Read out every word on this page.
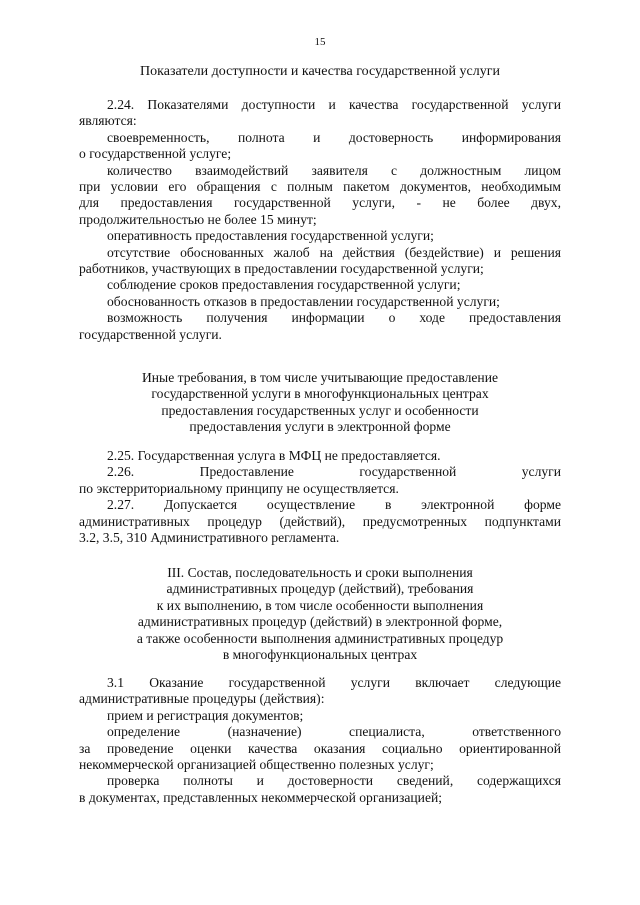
15
Показатели доступности и качества государственной услуги
2.24. Показателями доступности и качества государственной услуги
являются:
своевременность, полнота и достоверность информирования
о государственной услуге;
количество взаимодействий заявителя с должностным лицом
при условии его обращения с полным пакетом документов, необходимым
для предоставления государственной услуги, - не более двух,
продолжительностью не более 15 минут;
оперативность предоставления государственной услуги;
отсутствие обоснованных жалоб на действия (бездействие) и решения
работников, участвующих в предоставлении государственной услуги;
соблюдение сроков предоставления государственной услуги;
обоснованность отказов в предоставлении государственной услуги;
возможность получения информации о ходе предоставления
государственной услуги.
Иные требования, в том числе учитывающие предоставление
государственной услуги в многофункциональных центрах
предоставления государственных услуг и особенности
предоставления услуги в электронной форме
2.25. Государственная услуга в МФЦ не предоставляется.
2.26. Предоставление государственной услуги
по экстерриториальному принципу не осуществляется.
2.27. Допускается осуществление в электронной форме
административных процедур (действий), предусмотренных подпунктами
3.2, 3.5, 310 Административного регламента.
III. Состав, последовательность и сроки выполнения
административных процедур (действий), требования
к их выполнению, в том числе особенности выполнения
административных процедур (действий) в электронной форме,
а также особенности выполнения административных процедур
в многофункциональных центрах
3.1 Оказание государственной услуги включает следующие
административные процедуры (действия):
прием и регистрация документов;
определение (назначение) специалиста, ответственного
за проведение оценки качества оказания социально ориентированной
некоммерческой организацией общественно полезных услуг;
проверка полноты и достоверности сведений, содержащихся
в документах, представленных некоммерческой организацией;
